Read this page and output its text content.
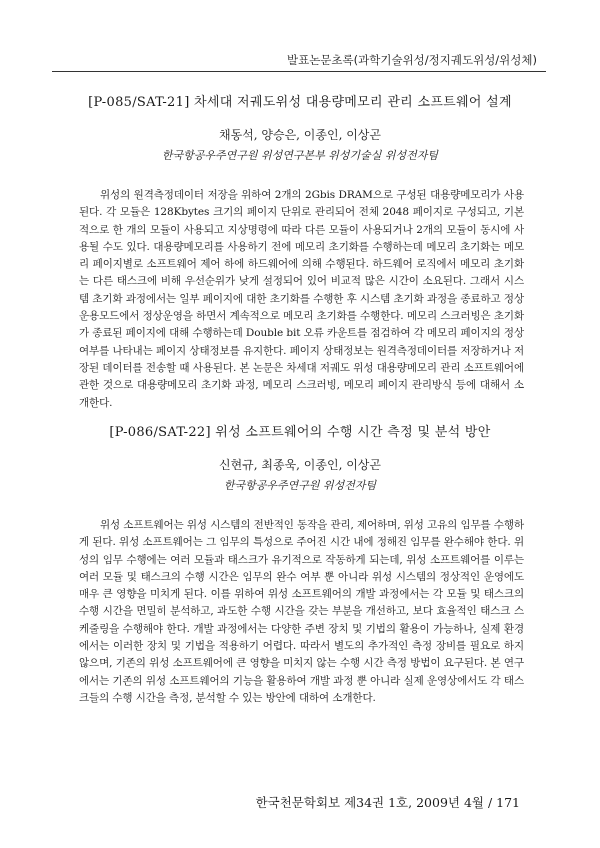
발표논문초록(과학기술위성/정지궤도위성/위성체)
[P-085/SAT-21] 차세대 저궤도위성 대용량메모리 관리 소프트웨어 설계
채동석, 양승은, 이종인, 이상곤
한국항공우주연구원 위성연구본부 위성기술실 위성전자팀
위성의 원격측정데이터 저장을 위하여 2개의 2Gbis DRAM으로 구성된 대용량메모리가 사용된다. 각 모듈은 128Kbytes 크기의 페이지 단위로 관리되어 전체 2048 페이지로 구성되고, 기본적으로 한 개의 모듈이 사용되고 지상명령에 따라 다른 모듈이 사용되거나 2개의 모듈이 동시에 사용될 수도 있다. 대용량메모리를 사용하기 전에 메모리 초기화를 수행하는데 메모리 초기화는 메모리 페이지별로 소프트웨어 제어 하에 하드웨어에 의해 수행된다. 하드웨어 로직에서 메모리 초기화는 다른 태스크에 비해 우선순위가 낮게 설정되어 있어 비교적 많은 시간이 소요된다. 그래서 시스템 초기화 과정에서는 일부 페이지에 대한 초기화를 수행한 후 시스템 초기화 과정을 종료하고 정상 운용모드에서 정상운영을 하면서 계속적으로 메모리 초기화를 수행한다. 메모리 스크러빙은 초기화가 종료된 페이지에 대해 수행하는데 Double bit 오류 카운트를 점검하여 각 메모리 페이지의 정상여부를 나타내는 페이지 상태정보를 유지한다. 페이지 상태정보는 원격측정데이터를 저장하거나 저장된 데이터를 전송할 때 사용된다. 본 논문은 차세대 저궤도 위성 대용량메모리 관리 소프트웨어에 관한 것으로 대용량메모리 초기화 과정, 메모리 스크러빙, 메모리 페이지 관리방식 등에 대해서 소개한다.
[P-086/SAT-22] 위성 소프트웨어의 수행 시간 측정 및 분석 방안
신현규, 최종욱, 이종인, 이상곤
한국항공우주연구원 위성전자팀
위성 소프트웨어는 위성 시스템의 전반적인 동작을 관리, 제어하며, 위성 고유의 임무를 수행하게 된다. 위성 소프트웨어는 그 임무의 특성으로 주어진 시간 내에 정해진 임무를 완수해야 한다. 위성의 임무 수행에는 여러 모듈과 태스크가 유기적으로 작동하게 되는데, 위성 소프트웨어를 이루는 여러 모듈 및 태스크의 수행 시간은 임무의 완수 여부 뿐 아니라 위성 시스템의 정상적인 운영에도 매우 큰 영향을 미치게 된다. 이를 위하여 위성 소프트웨어의 개발 과정에서는 각 모듈 및 태스크의 수행 시간을 면밀히 분석하고, 과도한 수행 시간을 갖는 부분을 개선하고, 보다 효율적인 태스크 스케줄링을 수행해야 한다. 개발 과정에서는 다양한 주변 장치 및 기법의 활용이 가능하나, 실제 환경에서는 이러한 장치 및 기법을 적용하기 어렵다. 따라서 별도의 추가적인 측정 장비를 필요로 하지 않으며, 기존의 위성 소프트웨어에 큰 영향을 미치지 않는 수행 시간 측정 방법이 요구된다. 본 연구에서는 기존의 위성 소프트웨어의 기능을 활용하여 개발 과정 뿐 아니라 실제 운영상에서도 각 태스크들의 수행 시간을 측정, 분석할 수 있는 방안에 대하여 소개한다.
한국천문학회보 제34권 1호, 2009년 4월 / 171
